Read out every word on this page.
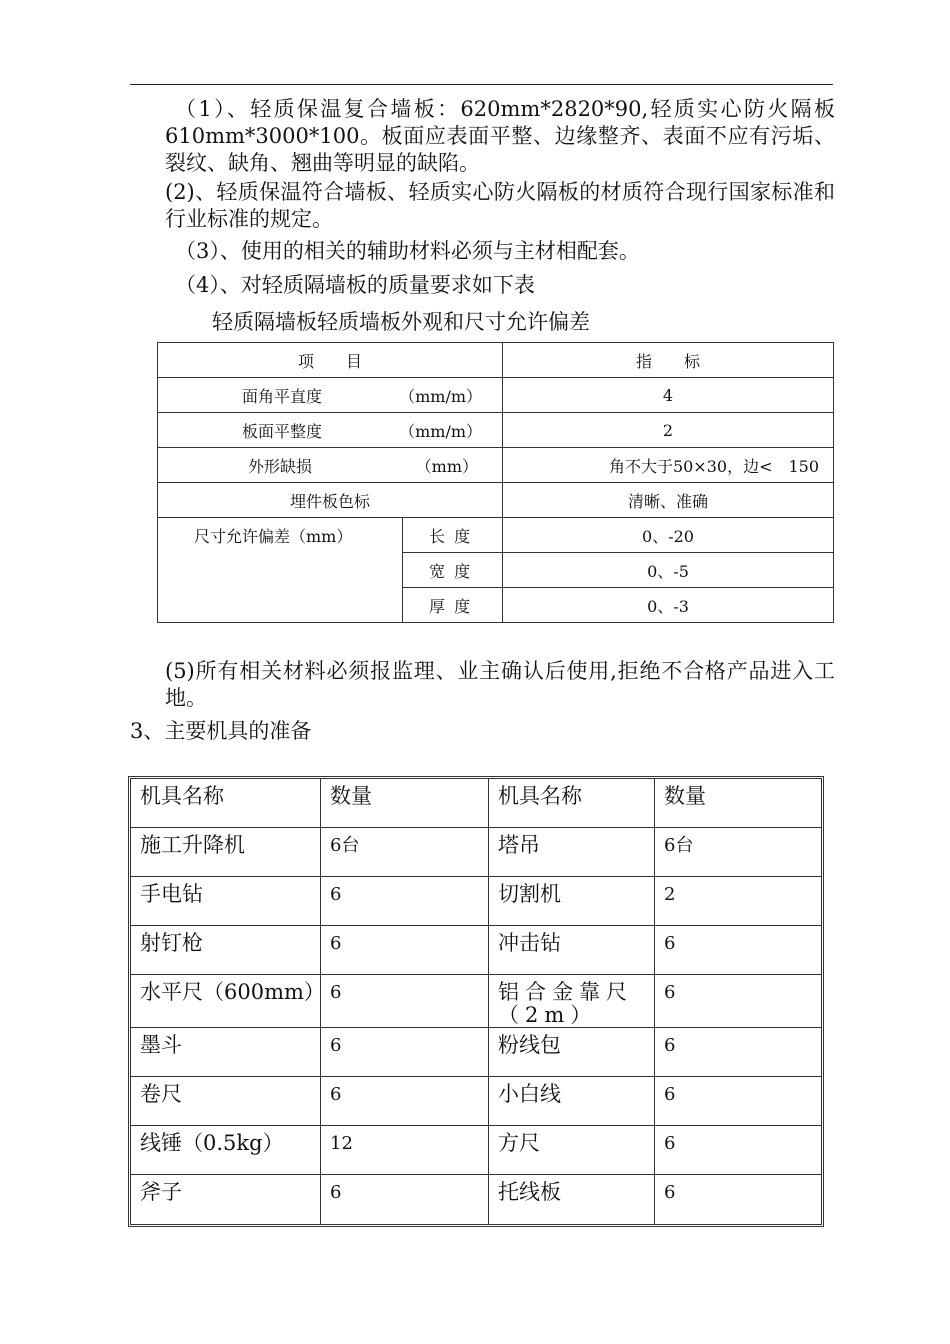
（1）、轻质保温复合墙板：620mm*2820*90,轻质实心防火隔板610mm*3000*100。板面应表面平整、边缘整齐、表面不应有污垢、裂纹、缺角、翘曲等明显的缺陷。

(2)、轻质保温符合墙板、轻质实心防火隔板的材质符合现行国家标准和行业标准的规定。

（3）、使用的相关的辅助材料必须与主材相配套。

（4）、对轻质隔墙板的质量要求如下表

轻质隔墙板轻质墙板外观和尺寸允许偏差

项　　目		指　　标

面角平直度 （mm/m）		4

板面平整度 （mm/m）		2

外形缺损 （mm）		角不大于50×30，边<　150
埋件板色标		清晰、准确
尺寸允许偏差（mm）	长 度	0、-20
	宽 度	0、-5
	厚 度	0、-3

(5)所有相关材料必须报监理、业主确认后使用,拒绝不合格产品进入工地。

3、主要机具的准备

机具名称	数量	机具名称	数量
施工升降机	6台	塔吊	6台
手电钻	6	切割机	2
射钉枪	6	冲击钻	6
水平尺（600mm）	6	铝合金靠尺（2m）	6
墨斗	6	粉线包	6
卷尺	6	小白线	6
线锤（0.5kg）	12	方尺	6
斧子	6	托线板	6
